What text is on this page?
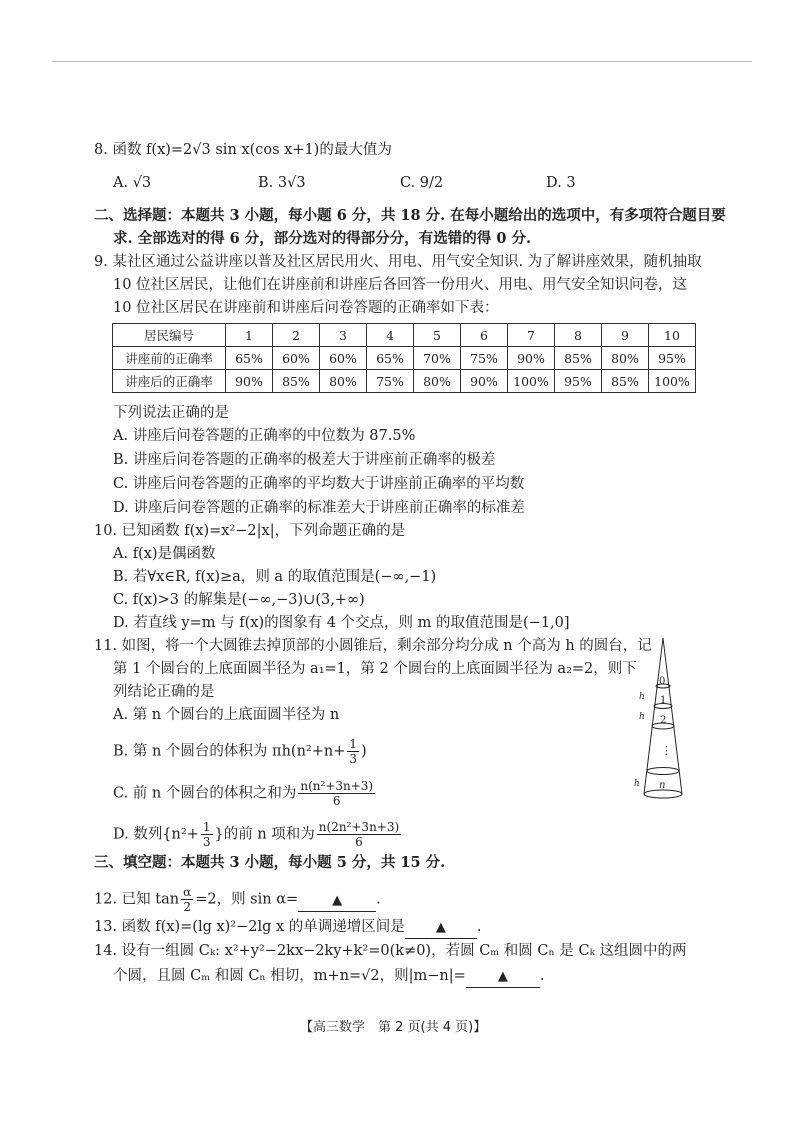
8. 函数 f(x)=2√3 sin x(cos x+1)的最大值为
A. √3	B. 3√3	C. 9/2	D. 3
二、选择题：本题共 3 小题，每小题 6 分，共 18 分. 在每小题给出的选项中，有多项符合题目要
求. 全部选对的得 6 分，部分选对的得部分分，有选错的得 0 分.
9. 某社区通过公益讲座以普及社区居民用火、用电、用气安全知识. 为了解讲座效果，随机抽取
10 位社区居民，让他们在讲座前和讲座后各回答一份用火、用电、用气安全知识问卷，这
10 位社区居民在讲座前和讲座后问卷答题的正确率如下表：
居民编号	1	2	3	4	5	6	7	8	9	10
讲座前的正确率	65%	60%	60%	65%	70%	75%	90%	85%	80%	95%
讲座后的正确率	90%	85%	80%	75%	80%	90%	100%	95%	85%	100%
下列说法正确的是
A. 讲座后问卷答题的正确率的中位数为 87.5%
B. 讲座后问卷答题的正确率的极差大于讲座前正确率的极差
C. 讲座后问卷答题的正确率的平均数大于讲座前正确率的平均数
D. 讲座后问卷答题的正确率的标准差大于讲座前正确率的标准差
10. 已知函数 f(x)=x²−2|x|，下列命题正确的是
A. f(x)是偶函数
B. 若∀x∈R, f(x)≥a，则 a 的取值范围是(−∞,−1)
C. f(x)>3 的解集是(−∞,−3)∪(3,+∞)
D. 若直线 y=m 与 f(x)的图象有 4 个交点，则 m 的取值范围是(−1,0]
11. 如图，将一个大圆锥去掉顶部的小圆锥后，剩余部分均分成 n 个高为 h 的圆台，记
第 1 个圆台的上底面圆半径为 a₁=1，第 2 个圆台的上底面圆半径为 a₂=2，则下
列结论正确的是
A. 第 n 个圆台的上底面圆半径为 n
B. 第 n 个圆台的体积为 $\pi h(n^2+n+ \frac{1}{3}$ )
C. 前 n 个圆台的体积之和为 $\frac{\text{n(n²+3n+3)}}{6}$
D. 数列{$n^2+ \frac{1}{3}$ }的前 n 项和为 $\frac{\text{n(2n²+3n+3)}}{6}$
0
1
2
⋮
n
h
h
h
三、填空题：本题共 3 小题，每小题 5 分，共 15 分.
12. 已知 $\tan \frac{\alpha}{2} =2$，则 sin α=	▲ .
13. 函数 f(x)=(lg x)²−2lg x 的单调递增区间是 ▲ .
14. 设有一组圆 Cₖ: x²+y²−2kx−2ky+k²=0(k≠0)，若圆 Cₘ 和圆 Cₙ 是 Cₖ 这组圆中的两
个圆，且圆 Cₘ 和圆 Cₙ 相切，m+n=√2，则|m−n|= ▲ .
【高三数学　第 2 页(共 4 页)】
